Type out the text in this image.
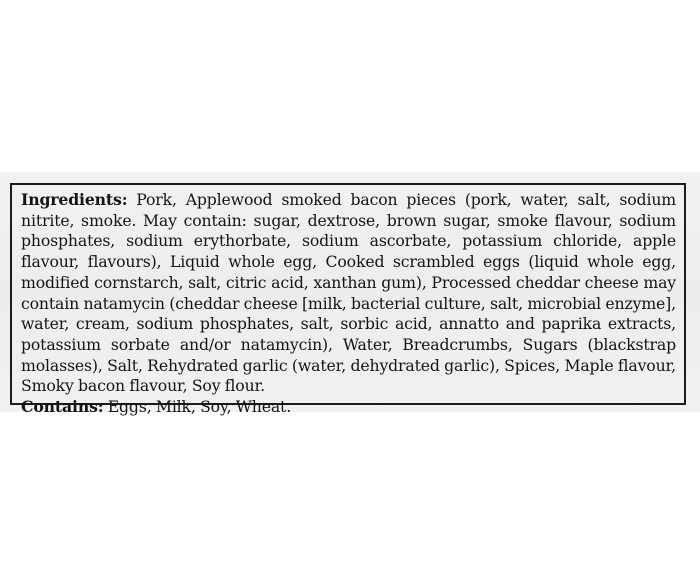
Ingredients: Pork, Applewood smoked bacon pieces (pork, water, salt, sodium nitrite, smoke. May contain: sugar, dextrose, brown sugar, smoke flavour, sodium phosphates, sodium erythorbate, sodium ascorbate, potassium chloride, apple flavour, flavours), Liquid whole egg, Cooked scrambled eggs (liquid whole egg, modified cornstarch, salt, citric acid, xanthan gum), Processed cheddar cheese may contain natamycin (cheddar cheese [milk, bacterial culture, salt, microbial enzyme], water, cream, sodium phosphates, salt, sorbic acid, annatto and paprika extracts, potassium sorbate and/or natamycin), Water, Breadcrumbs, Sugars (blackstrap molasses), Salt, Rehydrated garlic (water, dehydrated garlic), Spices, Maple flavour, Smoky bacon flavour, Soy flour.

Contains: Eggs, Milk, Soy, Wheat.
